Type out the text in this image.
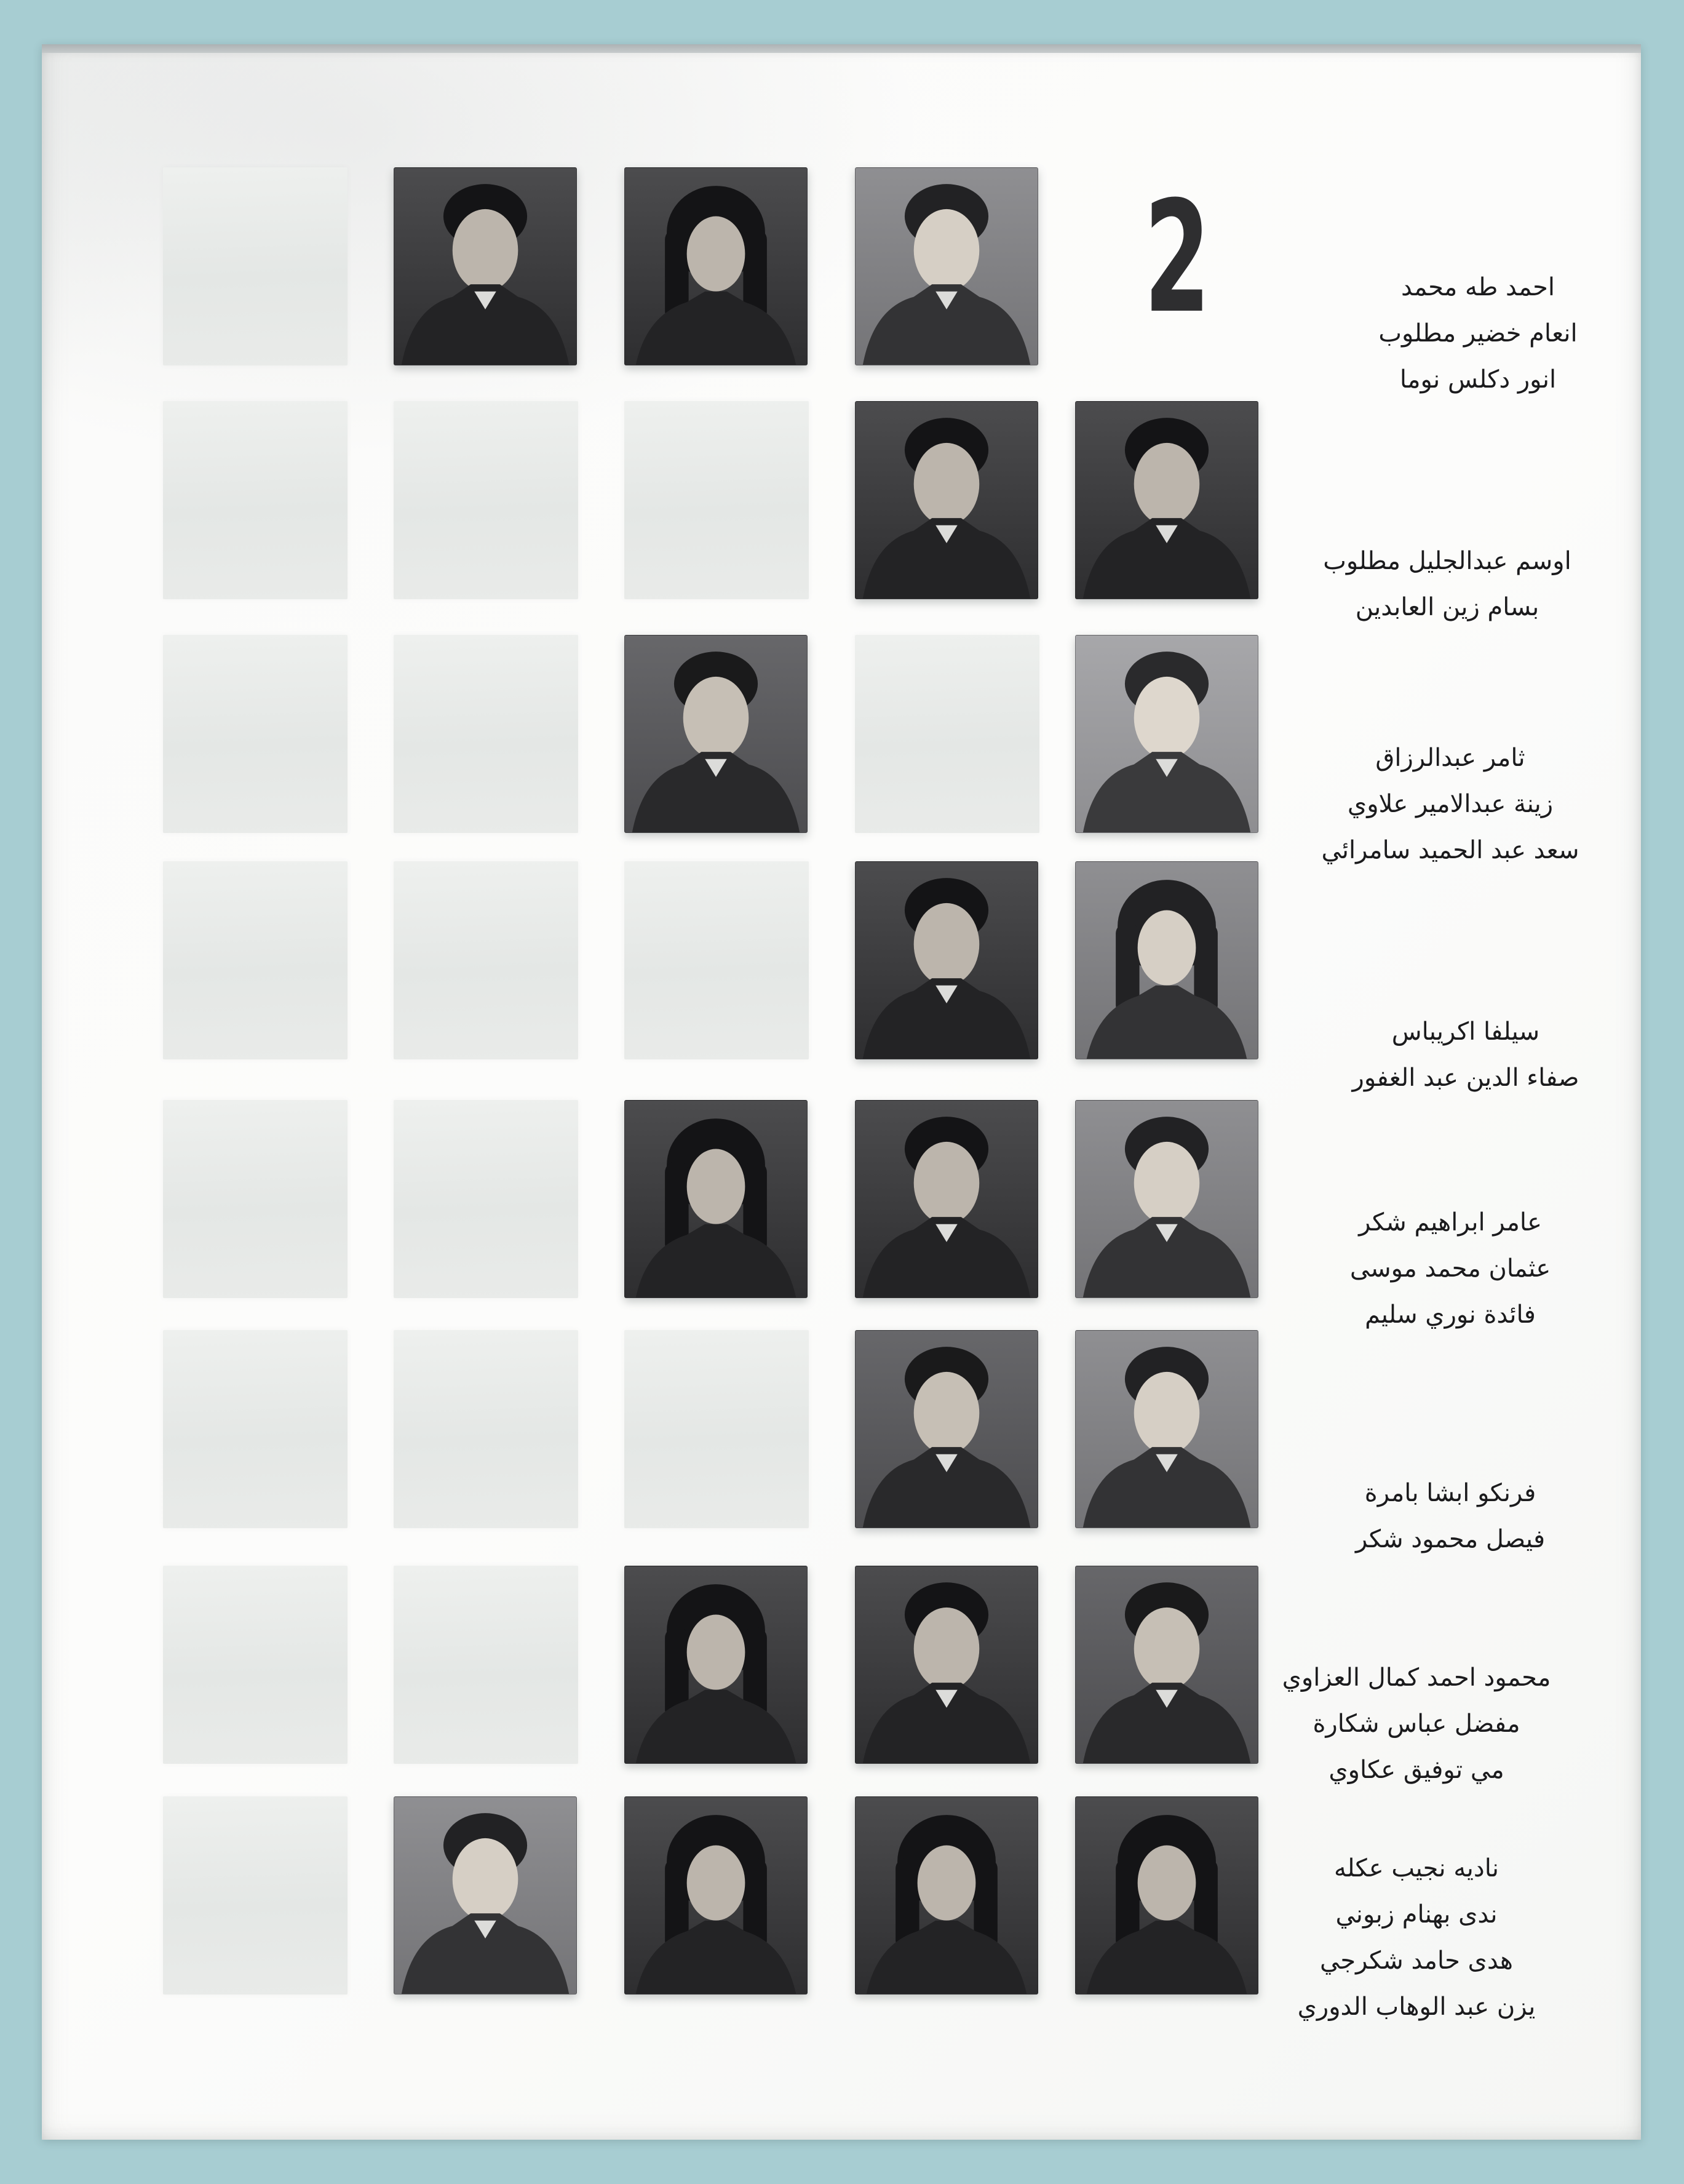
2	احمد طه محمد
انعام خضير مطلوب
انور دكلس نوما
اوسم عبدالجليل مطلوب
بسام زين العابدين
ثامر عبدالرزاق
زينة عبدالامير علاوي
سعد عبد الحميد سامرائي
سيلفا اكريباس
صفاء الدين عبد الغفور
عامر ابراهيم شكر
عثمان محمد موسى
فائدة نوري سليم
فرنكو ابشا بامرة
فيصل محمود شكر
محمود احمد كمال العزاوي
مفضل عباس شكارة
مي توفيق عكاوي
ناديه نجيب عكله
ندى بهنام زبوني
هدى حامد شكرجي
يزن عبد الوهاب الدوري
